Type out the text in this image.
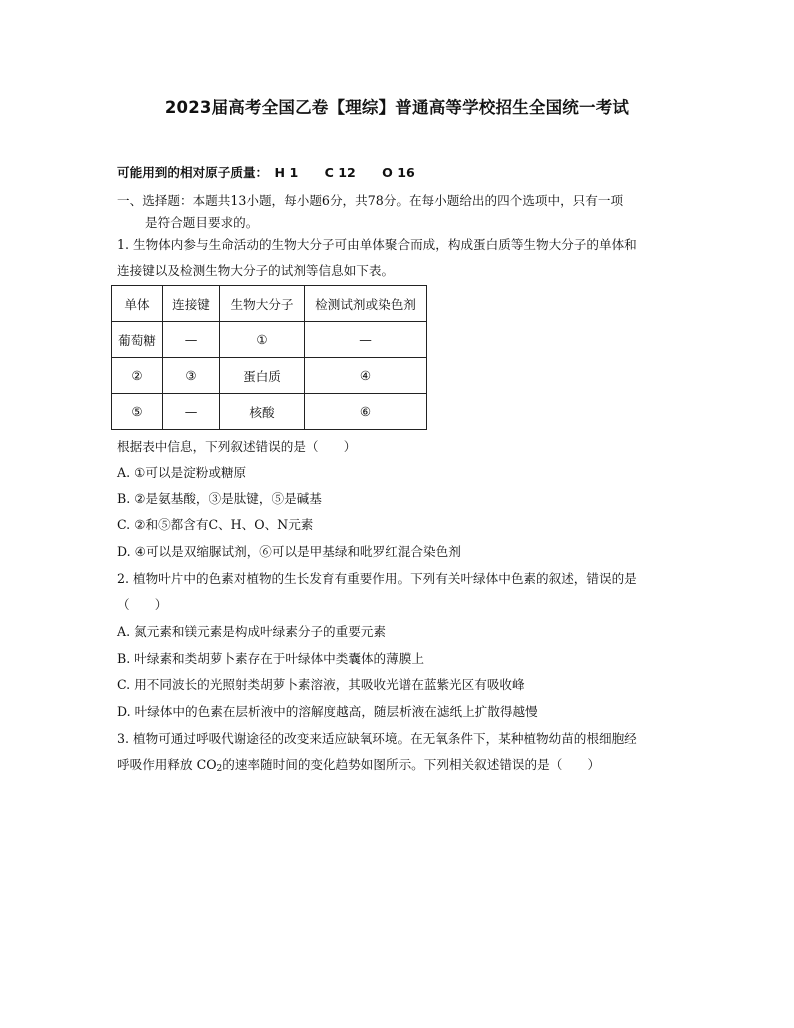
2023届高考全国乙卷【理综】普通高等学校招生全国统一考试
可能用到的相对原子质量： H 1 C 12 O 16
一、选择题：本题共13小题，每小题6分，共78分。在每小题给出的四个选项中，只有一项
是符合题目要求的。
1. 生物体内参与生命活动的生物大分子可由单体聚合而成，构成蛋白质等生物大分子的单体和
连接键以及检测生物大分子的试剂等信息如下表。
单体	连接键	生物大分子	检测试剂或染色剂
葡萄糖	—	①	—
②	③	蛋白质	④
⑤	—	核酸	⑥
根据表中信息，下列叙述错误的是（　　）
A. ①可以是淀粉或糖原
B. ②是氨基酸，③是肽键，⑤是碱基
C. ②和⑤都含有C、H、O、N元素
D. ④可以是双缩脲试剂，⑥可以是甲基绿和吡罗红混合染色剂
2. 植物叶片中的色素对植物的生长发育有重要作用。下列有关叶绿体中色素的叙述，错误的是
（　　）
A. 氮元素和镁元素是构成叶绿素分子的重要元素
B. 叶绿素和类胡萝卜素存在于叶绿体中类囊体的薄膜上
C. 用不同波长的光照射类胡萝卜素溶液，其吸收光谱在蓝紫光区有吸收峰
D. 叶绿体中的色素在层析液中的溶解度越高，随层析液在滤纸上扩散得越慢
3. 植物可通过呼吸代谢途径的改变来适应缺氧环境。在无氧条件下，某种植物幼苗的根细胞经
呼吸作用释放 $CO_2$的速率随时间的变化趋势如图所示。下列相关叙述错误的是（　　）
